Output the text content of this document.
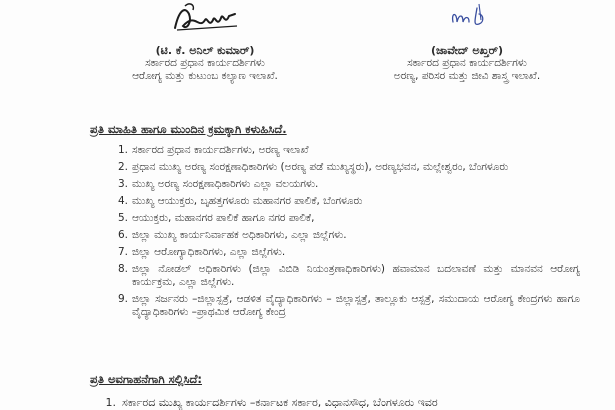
(ಟಿ. ಕೆ. ಅನಿಲ್ ಕುಮಾರ್)
ಸರ್ಕಾರದ ಪ್ರಧಾನ ಕಾರ್ಯದರ್ಶಿಗಳು
ಆರೋಗ್ಯ ಮತ್ತು ಕುಟುಂಬ ಕಲ್ಯಾಣ ಇಲಾಖೆ.
(ಜಾವೇದ್ ಅಖ್ತರ್)
ಸರ್ಕಾರದ ಪ್ರಧಾನ ಕಾರ್ಯದರ್ಶಿಗಳು
ಅರಣ್ಯ, ಪರಿಸರ ಮತ್ತು ಜೀವಿ ಶಾಸ್ತ್ರ ಇಲಾಖೆ.
ಪ್ರತಿ ಮಾಹಿತಿ ಹಾಗೂ ಮುಂದಿನ ಕ್ರಮಕ್ಕಾಗಿ ಕಳುಹಿಸಿದೆ.
1. ಸರ್ಕಾರದ ಪ್ರಧಾನ ಕಾರ್ಯದರ್ಶಿಗಳು, ಅರಣ್ಯ ಇಲಾಖೆ
2. ಪ್ರಧಾನ ಮುಖ್ಯ ಅರಣ್ಯ ಸಂರಕ್ಷಣಾಧಿಕಾರಿಗಳು (ಅರಣ್ಯ ಪಡೆ ಮುಖ್ಯಸ್ಥರು), ಅರಣ್ಯಭವನ, ಮಲ್ಲೇಶ್ವರಂ, ಬೆಂಗಳೂರು
3. ಮುಖ್ಯ ಅರಣ್ಯ ಸಂರಕ್ಷಣಾಧಿಕಾರಿಗಳು ಎಲ್ಲಾ ವಲಯಗಳು.
4. ಮುಖ್ಯ ಆಯುಕ್ತರು, ಬೃಹತ್ತಗಳೂರು ಮಹಾನಗರ ಪಾಲಿಕೆ, ಬೆಂಗಳೂರು
5. ಆಯುಕ್ತರು, ಮಹಾನಗರ ಪಾಲಿಕೆ ಹಾಗೂ ನಗರ ಪಾಲಿಕೆ,
6. ಜಿಲ್ಲಾ ಮುಖ್ಯ ಕಾರ್ಯನಿರ್ವಾಹಕ ಅಧಿಕಾರಿಗಳು, ಎಲ್ಲಾ ಜಿಲ್ಲೆಗಳು.
7. ಜಿಲ್ಲಾ ಆರೋಗ್ಯಾಧಿಕಾರಿಗಳು, ಎಲ್ಲಾ ಜಿಲ್ಲೆಗಳು.
8. ಜಿಲ್ಲಾ ನೋಡಲ್ ಅಧಿಕಾರಿಗಳು (ಜಿಲ್ಲಾ ವಿಬಿಡಿ ನಿಯಂತ್ರಣಾಧಿಕಾರಿಗಳು) ಹವಾಮಾನ ಬದಲಾವಣೆ ಮತ್ತು ಮಾನವನ ಆರೋಗ್ಯ ಕಾರ್ಯಕ್ರಮ, ಎಲ್ಲಾ ಜಿಲ್ಲೆಗಳು.
9. ಜಿಲ್ಲಾ ಸರ್ಜನರು –ಜಿಲ್ಲಾಸ್ಪತ್ರೆ, ಆಡಳಿತ ವೈದ್ಯಾಧಿಕಾರಿಗಳು – ಜಿಲ್ಲಾಸ್ಪತ್ರೆ, ತಾಲ್ಲೂಕು ಆಸ್ಪತ್ರೆ, ಸಮುದಾಯ ಆರೋಗ್ಯ ಕೇಂದ್ರಗಳು ಹಾಗೂ ವೈದ್ಯಾಧಿಕಾರಿಗಳು –ಪ್ರಾಥಮಿಕ ಆರೋಗ್ಯ ಕೇಂದ್ರ
ಪ್ರತಿ ಅವಗಾಹನೆಗಾಗಿ ಸಲ್ಲಿಸಿದೆ:
1. ಸರ್ಕಾರದ ಮುಖ್ಯ ಕಾರ್ಯದರ್ಶಿಗಳು –ಕರ್ನಾಟಕ ಸರ್ಕಾರ, ವಿಧಾನಸೌಧ, ಬೆಂಗಳೂರು ಇವರ
